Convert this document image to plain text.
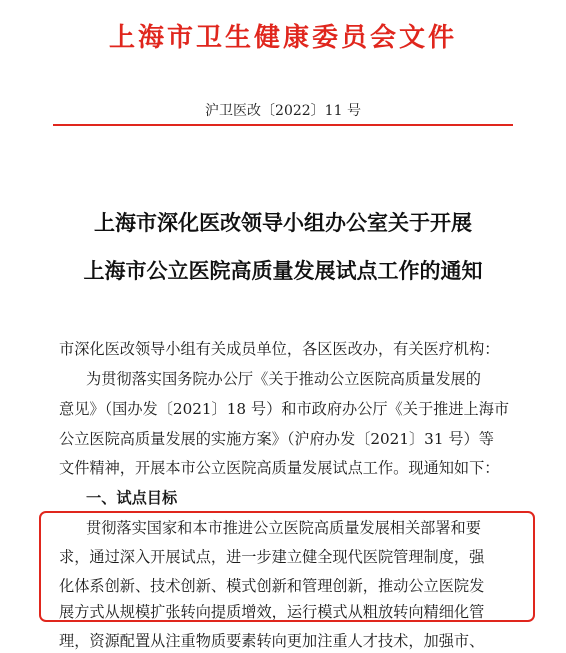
上海市卫生健康委员会文件
沪卫医改〔2022〕11 号
上海市深化医改领导小组办公室关于开展
上海市公立医院高质量发展试点工作的通知
市深化医改领导小组有关成员单位，各区医改办，有关医疗机构：
为贯彻落实国务院办公厅《关于推动公立医院高质量发展的
意见》（国办发〔2021〕18 号）和市政府办公厅《关于推进上海市
公立医院高质量发展的实施方案》（沪府办发〔2021〕31 号）等
文件精神，开展本市公立医院高质量发展试点工作。现通知如下：
一、试点目标
贯彻落实国家和本市推进公立医院高质量发展相关部署和要
求，通过深入开展试点，进一步建立健全现代医院管理制度，强
化体系创新、技术创新、模式创新和管理创新，推动公立医院发
展方式从规模扩张转向提质增效，运行模式从粗放转向精细化管
理，资源配置从注重物质要素转向更加注重人才技术，加强市、
